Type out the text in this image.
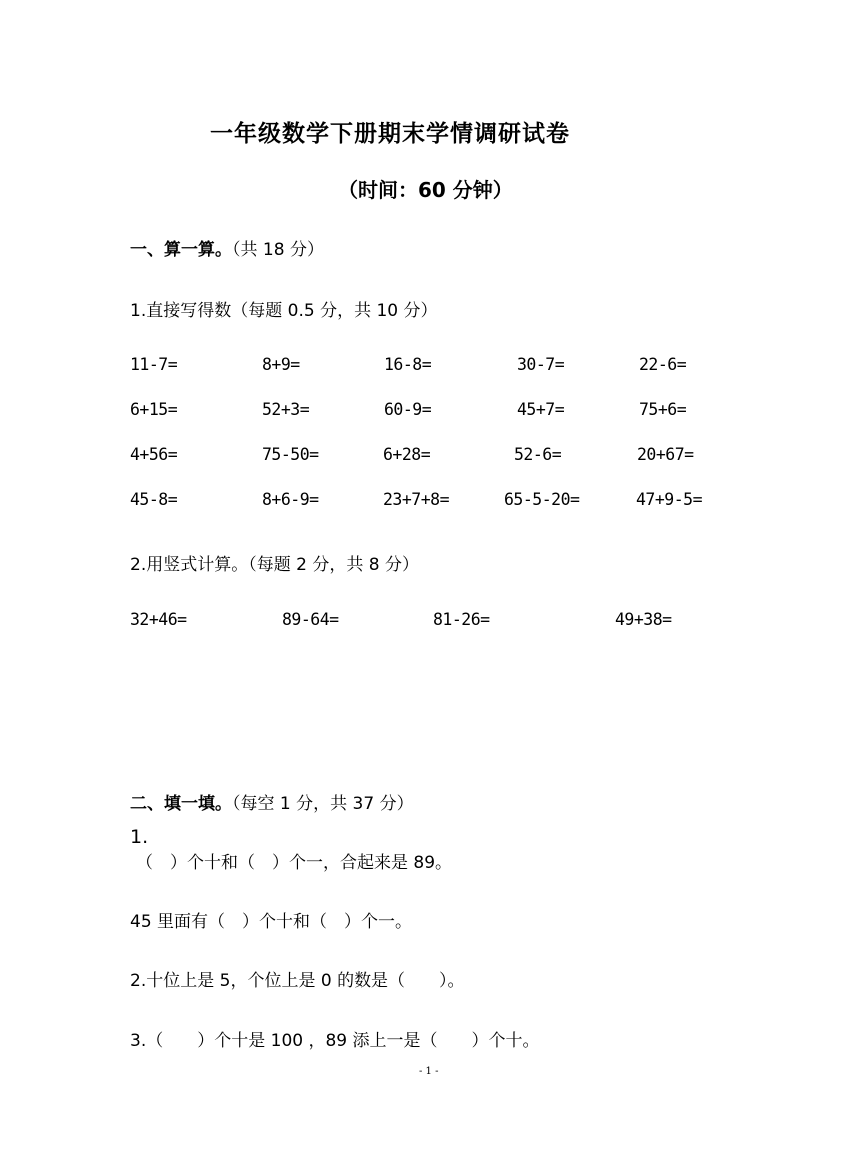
一年级数学下册期末学情调研试卷
（时间：60 分钟）
一、算一算。（共 18 分）
1.直接写得数（每题 0.5 分，共 10 分）
11-7=	8+9=	16-8=	30-7=	22-6=
6+15=	52+3=	60-9=	45+7=	75+6=
4+56=	75-50=	6+28=	52-6=	20+67=
45-8=	8+6-9=	23+7+8=	65-5-20=	47+9-5=
2.用竖式计算。（每题 2 分，共 8 分）
32+46=	89-64=	81-26=	49+38=
二、填一填。（每空 1 分，共 37 分）
1.
（　）个十和（　）个一，合起来是 89。
45 里面有（　）个十和（　）个一。
2.十位上是 5，个位上是 0 的数是（　　）。
3.（　　）个十是 100 ，89 添上一是（　　）个十。
- 1 -
